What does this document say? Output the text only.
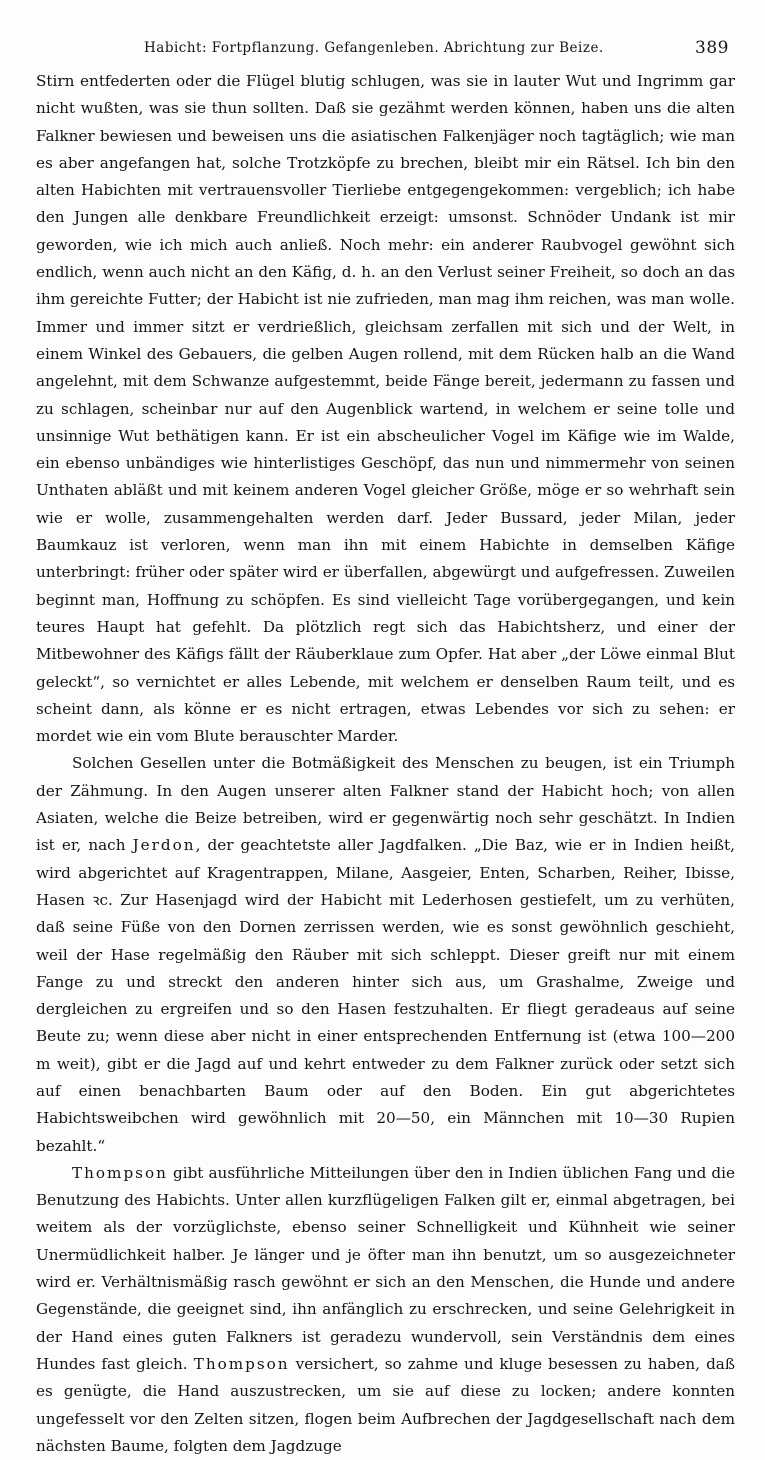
Habicht: Fortpflanzung. Gefangenleben. Abrichtung zur Beize.	389

Stirn entfederten oder die Flügel blutig schlugen, was sie in lauter Wut und Ingrimm gar nicht wußten, was sie thun sollten. Daß sie gezähmt werden können, haben uns die alten Falkner bewiesen und beweisen uns die asiatischen Falkenjäger noch tagtäglich; wie man es aber angefangen hat, solche Trotzköpfe zu brechen, bleibt mir ein Rätsel. Ich bin den alten Habichten mit vertrauensvoller Tierliebe entgegengekommen: vergeblich; ich habe den Jungen alle denkbare Freundlichkeit erzeigt: umsonst. Schnöder Undank ist mir geworden, wie ich mich auch anließ. Noch mehr: ein anderer Raubvogel gewöhnt sich endlich, wenn auch nicht an den Käfig, d. h. an den Verlust seiner Freiheit, so doch an das ihm gereichte Futter; der Habicht ist nie zufrieden, man mag ihm reichen, was man wolle. Immer und immer sitzt er verdrießlich, gleichsam zerfallen mit sich und der Welt, in einem Winkel des Gebauers, die gelben Augen rollend, mit dem Rücken halb an die Wand angelehnt, mit dem Schwanze aufgestemmt, beide Fänge bereit, jedermann zu fassen und zu schlagen, scheinbar nur auf den Augenblick wartend, in welchem er seine tolle und unsinnige Wut bethätigen kann. Er ist ein abscheulicher Vogel im Käfige wie im Walde, ein ebenso unbändiges wie hinterlistiges Geschöpf, das nun und nimmermehr von seinen Unthaten abläßt und mit keinem anderen Vogel gleicher Größe, möge er so wehrhaft sein wie er wolle, zusammengehalten werden darf. Jeder Bussard, jeder Milan, jeder Baumkauz ist verloren, wenn man ihn mit einem Habichte in demselben Käfige unterbringt: früher oder später wird er überfallen, abgewürgt und aufgefressen. Zuweilen beginnt man, Hoffnung zu schöpfen. Es sind vielleicht Tage vorübergegangen, und kein teures Haupt hat gefehlt. Da plötzlich regt sich das Habichtsherz, und einer der Mitbewohner des Käfigs fällt der Räuberklaue zum Opfer. Hat aber „der Löwe einmal Blut geleckt“, so vernichtet er alles Lebende, mit welchem er denselben Raum teilt, und es scheint dann, als könne er es nicht ertragen, etwas Lebendes vor sich zu sehen: er mordet wie ein vom Blute berauschter Marder.

Solchen Gesellen unter die Botmäßigkeit des Menschen zu beugen, ist ein Triumph der Zähmung. In den Augen unserer alten Falkner stand der Habicht hoch; von allen Asiaten, welche die Beize betreiben, wird er gegenwärtig noch sehr geschätzt. In Indien ist er, nach Jerdon, der geachtetste aller Jagdfalken. „Die Baz, wie er in Indien heißt, wird abgerichtet auf Kragentrappen, Milane, Aasgeier, Enten, Scharben, Reiher, Ibisse, Hasen ꝛc. Zur Hasenjagd wird der Habicht mit Lederhosen gestiefelt, um zu verhüten, daß seine Füße von den Dornen zerrissen werden, wie es sonst gewöhnlich geschieht, weil der Hase regelmäßig den Räuber mit sich schleppt. Dieser greift nur mit einem Fange zu und streckt den anderen hinter sich aus, um Grashalme, Zweige und dergleichen zu ergreifen und so den Hasen festzuhalten. Er fliegt geradeaus auf seine Beute zu; wenn diese aber nicht in einer entsprechenden Entfernung ist (etwa 100—200 m weit), gibt er die Jagd auf und kehrt entweder zu dem Falkner zurück oder setzt sich auf einen benachbarten Baum oder auf den Boden. Ein gut abgerichtetes Habichtsweibchen wird gewöhnlich mit 20—50, ein Männchen mit 10—30 Rupien bezahlt.“

Thompson gibt ausführliche Mitteilungen über den in Indien üblichen Fang und die Benutzung des Habichts. Unter allen kurzflügeligen Falken gilt er, einmal abgetragen, bei weitem als der vorzüglichste, ebenso seiner Schnelligkeit und Kühnheit wie seiner Unermüdlichkeit halber. Je länger und je öfter man ihn benutzt, um so ausgezeichneter wird er. Verhältnismäßig rasch gewöhnt er sich an den Menschen, die Hunde und andere Gegenstände, die geeignet sind, ihn anfänglich zu erschrecken, und seine Gelehrigkeit in der Hand eines guten Falkners ist geradezu wundervoll, sein Verständnis dem eines Hundes fast gleich. Thompson versichert, so zahme und kluge besessen zu haben, daß es genügte, die Hand auszustrecken, um sie auf diese zu locken; andere konnten ungefesselt vor den Zelten sitzen, flogen beim Aufbrechen der Jagdgesellschaft nach dem nächsten Baume, folgten dem Jagdzuge
